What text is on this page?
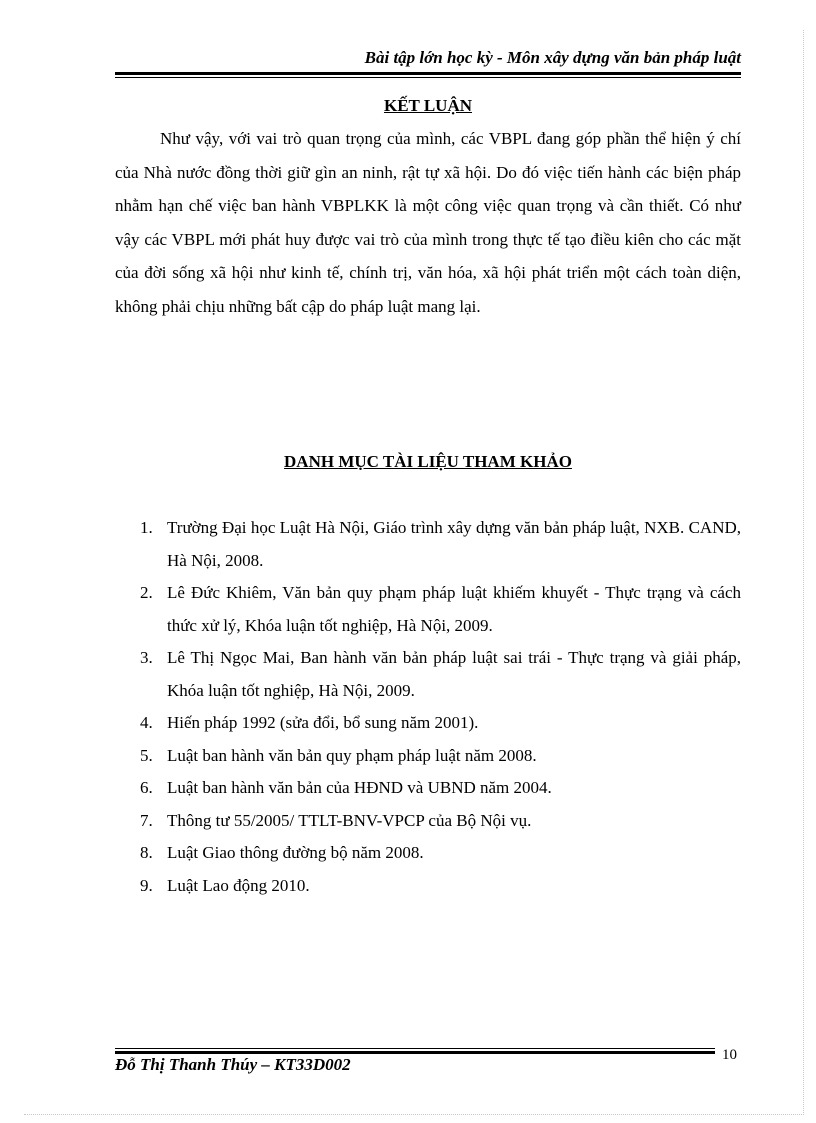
Bài tập lớn học kỳ - Môn xây dựng văn bản pháp luật
KẾT LUẬN

Như vậy, với vai trò quan trọng của mình, các VBPL đang góp phần thể hiện ý chí của Nhà nước đồng thời giữ gìn an ninh, rật tự xã hội. Do đó việc tiến hành các biện pháp nhằm hạn chế việc ban hành VBPLKK là một công việc quan trọng và cần thiết. Có như vậy các VBPL mới phát huy được vai trò của mình trong thực tế tạo điều kiên cho các mặt của đời sống xã hội như kinh tế, chính trị, văn hóa, xã hội phát triển một cách toàn diện, không phải chịu những bất cập do pháp luật mang lại.

DANH MỤC TÀI LIỆU THAM KHẢO
1. Trường Đại học Luật Hà Nội, Giáo trình xây dựng văn bản pháp luật, NXB. CAND, Hà Nội, 2008.
2. Lê Đức Khiêm, Văn bản quy phạm pháp luật khiếm khuyết - Thực trạng và cách thức xử lý, Khóa luận tốt nghiệp, Hà Nội, 2009.
3. Lê Thị Ngọc Mai, Ban hành văn bản pháp luật sai trái - Thực trạng và giải pháp, Khóa luận tốt nghiệp, Hà Nội, 2009.
4. Hiến pháp 1992 (sửa đổi, bổ sung năm 2001).
5. Luật ban hành văn bản quy phạm pháp luật năm 2008.
6. Luật ban hành văn bản của HĐND và UBND năm 2004.
7. Thông tư 55/2005/ TTLT-BNV-VPCP của Bộ Nội vụ.
8. Luật Giao thông đường bộ năm 2008.
9. Luật Lao động 2010.
Đỗ Thị Thanh Thúy – KT33D002	10
